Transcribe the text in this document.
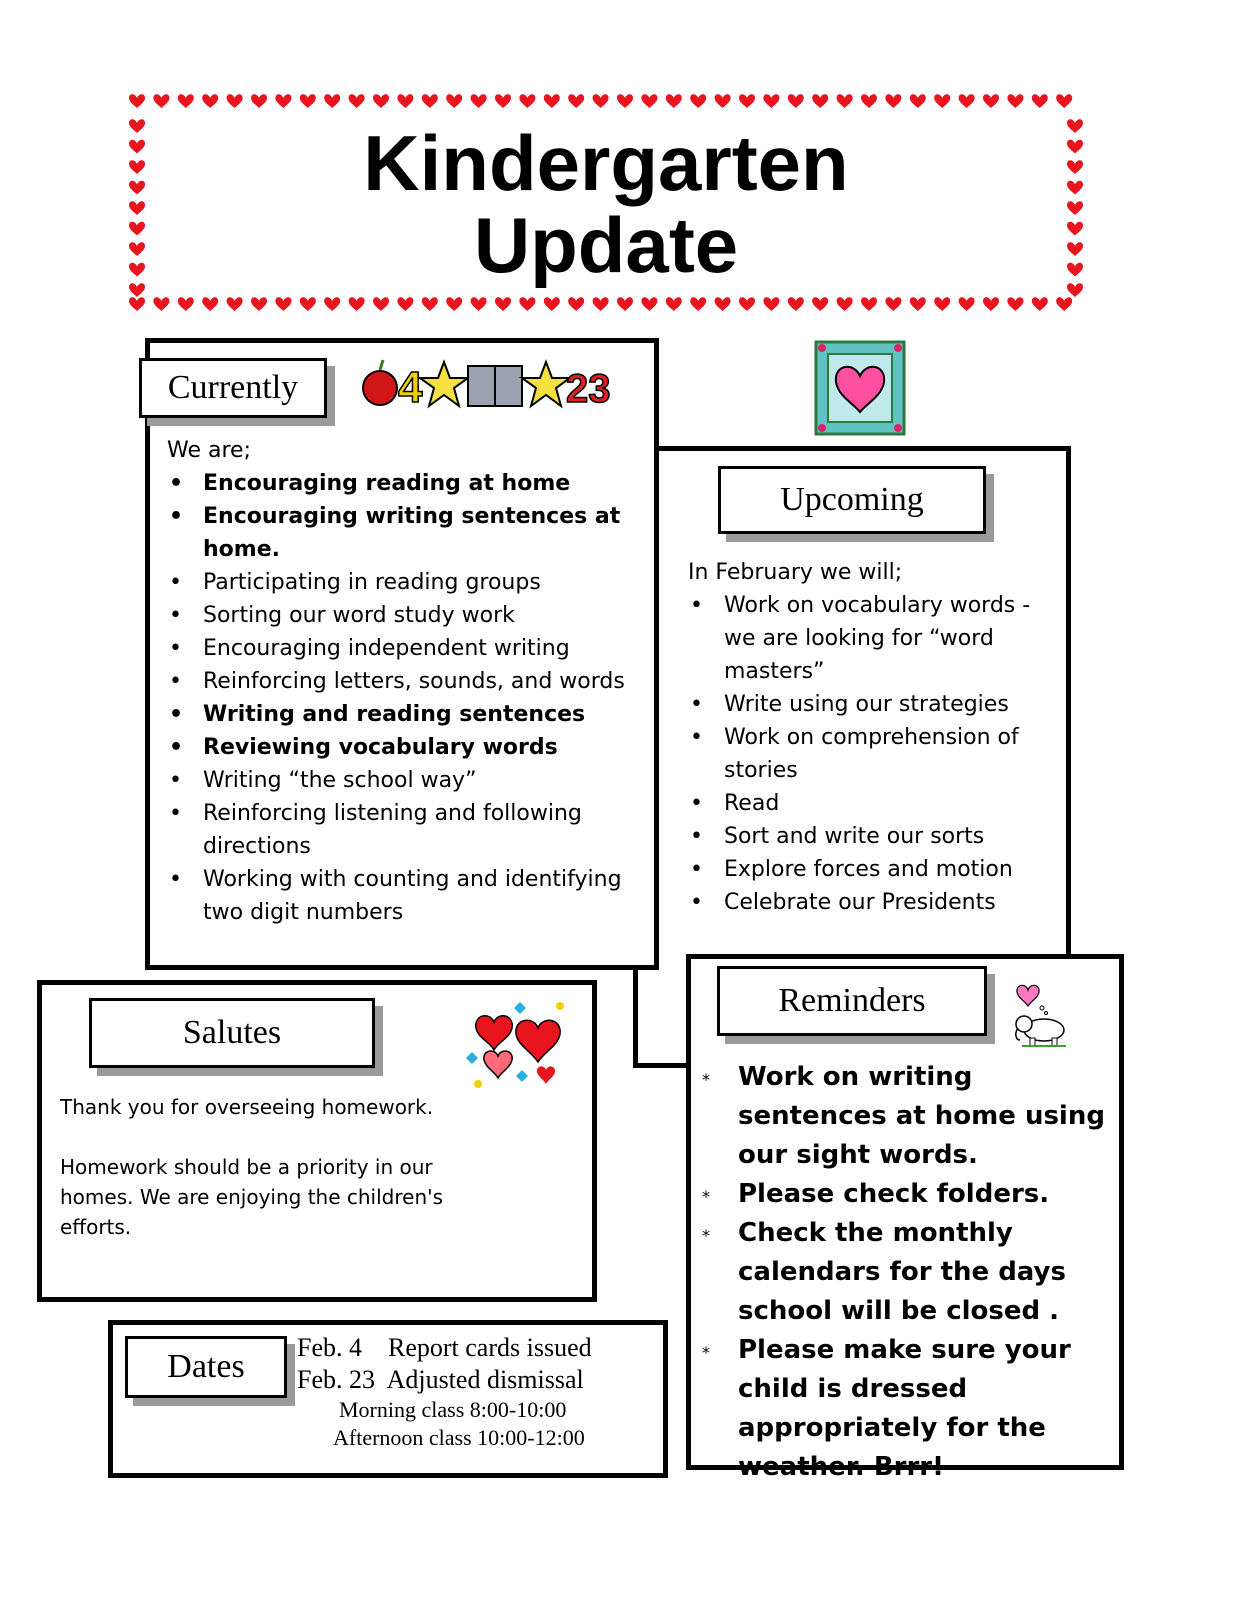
Kindergarten
Update
Currently 4	23
We are;
• Encouraging reading at home
• Encouraging writing sentences at home.
• Participating in reading groups
• Sorting our word study work
• Encouraging independent writing
• Reinforcing letters, sounds, and words
• Writing and reading sentences
• Reviewing vocabulary words
• Writing “the school way”
• Reinforcing listening and following directions
• Working with counting and identifying two digit numbers
Upcoming
In February we will;
• Work on vocabulary words - we are looking for “word masters”
• Write using our strategies
• Work on comprehension of stories
• Read
• Sort and write our sorts
• Explore forces and motion
• Celebrate our Presidents
Salutes
Thank you for overseeing homework.
Homework should be a priority in our homes. We are enjoying the children's efforts.
Dates
Feb. 4    Report cards issued
Feb. 23  Adjusted dismissal
Morning class 8:00-10:00
Afternoon class 10:00-12:00
Reminders
* Work on writing sentences at home using our sight words.
* Please check folders.
* Check the monthly calendars for the days school will be closed .
* Please make sure your child is dressed appropriately for the weather. Brrr!
